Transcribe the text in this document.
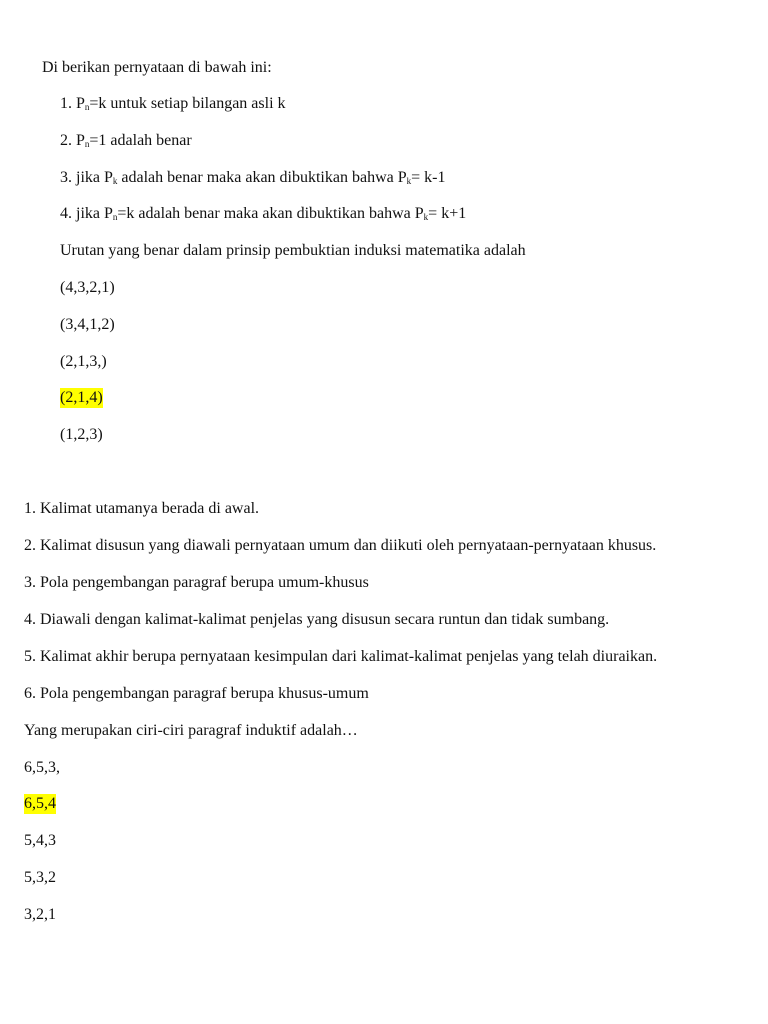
Di berikan pernyataan di bawah ini:
1. $P_n=k$ untuk setiap bilangan asli k
2. $P_n=1$ adalah benar
3. jika $P_k$ adalah benar maka akan dibuktikan bahwa $P_k= k-1$
4. jika $P_n=k$ adalah benar maka akan dibuktikan bahwa $P_k= k+1$
Urutan yang benar dalam prinsip pembuktian induksi matematika adalah
(4,3,2,1)
(3,4,1,2)
(2,1,3,)
(2,1,4)
(1,2,3)
1. Kalimat utamanya berada di awal.
2. Kalimat disusun yang diawali pernyataan umum dan diikuti oleh pernyataan-pernyataan khusus.
3. Pola pengembangan paragraf berupa umum-khusus
4. Diawali dengan kalimat-kalimat penjelas yang disusun secara runtun dan tidak sumbang.
5. Kalimat akhir berupa pernyataan kesimpulan dari kalimat-kalimat penjelas yang telah diuraikan.
6. Pola pengembangan paragraf berupa khusus-umum
Yang merupakan ciri-ciri paragraf induktif adalah…
6,5,3,
6,5,4
5,4,3
5,3,2
3,2,1
